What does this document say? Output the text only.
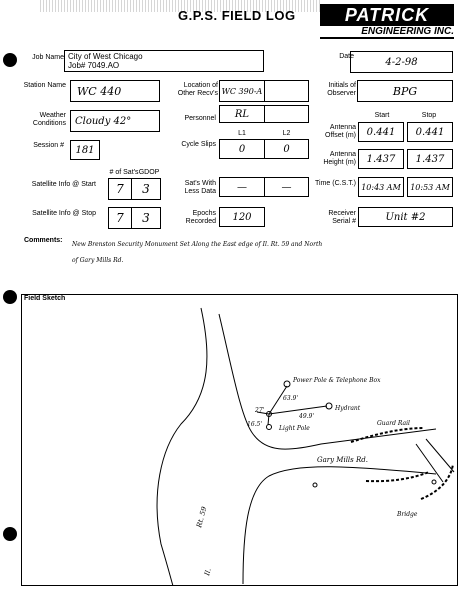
G.P.S. FIELD LOG	PATRICK
ENGINEERING INC.
Job Name City of West Chicago
Job# 7049.AO
Date	4-2-98
Station Name	WC 440	Location of Other Recv's WC 390-A
Initials of Observer	BPG
Weather Conditions Cloudy 42°	Personnel	RL	Start	Stop
Antenna Offset (m)	0.441	0.441
L1	L2
Session #	181	Cycle Slips	0	0	Antenna Height (m)	1.437	1.437
# of Sat's GDOP
Satellite Info @ Start	7	3	Sat's With Less Data	—	—	Time (C.S.T.) 10:43 AM	10:53 AM
Satellite Info @ Stop	7	3	Epochs Recorded	120	Receiver Serial #	Unit #2
Comments:
New Brenston Security Monument Set Along the East edge of Il. Rt. 59 and North
of Gary Mills Rd.
Field Sketch
Power Pole & Telephone Box
Hydrant
Light Pole
Guard Rail
Gary Mills Rd.
Rt. 59
Il.
Bridge
27'
63.9'
49.9'
16.5'
